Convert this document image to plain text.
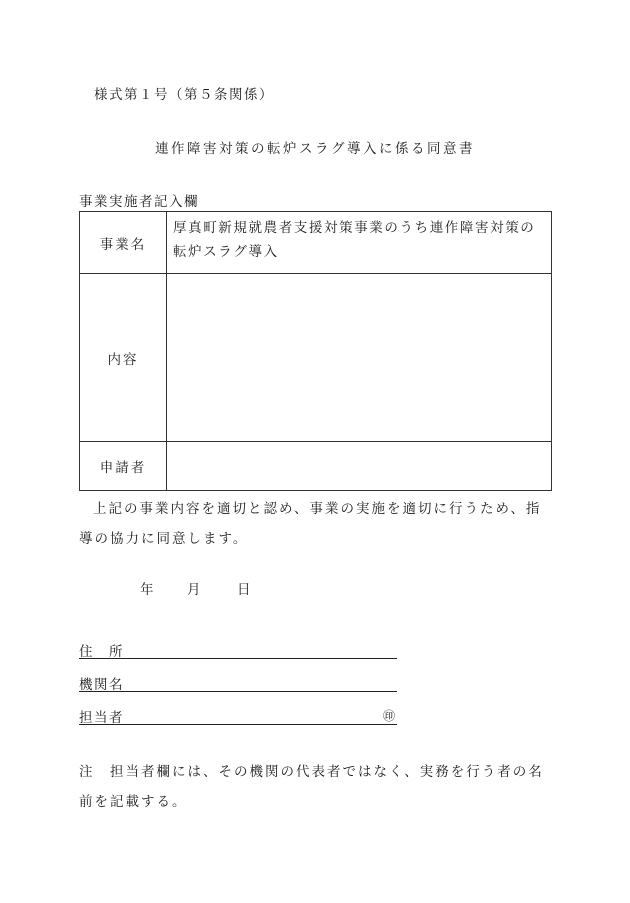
様式第１号（第５条関係）
連作障害対策の転炉スラグ導入に係る同意書
事業実施者記入欄
事業名	厚真町新規就農者支援対策事業のうち連作障害対策の転炉スラグ導入
内容	
申請者	
上記の事業内容を適切と認め、事業の実施を適切に行うため、指導の協力に同意します。
年 月	日
住　所
機関名
担当者	㊞
注　担当者欄には、その機関の代表者ではなく、実務を行う者の名前を記載する。
